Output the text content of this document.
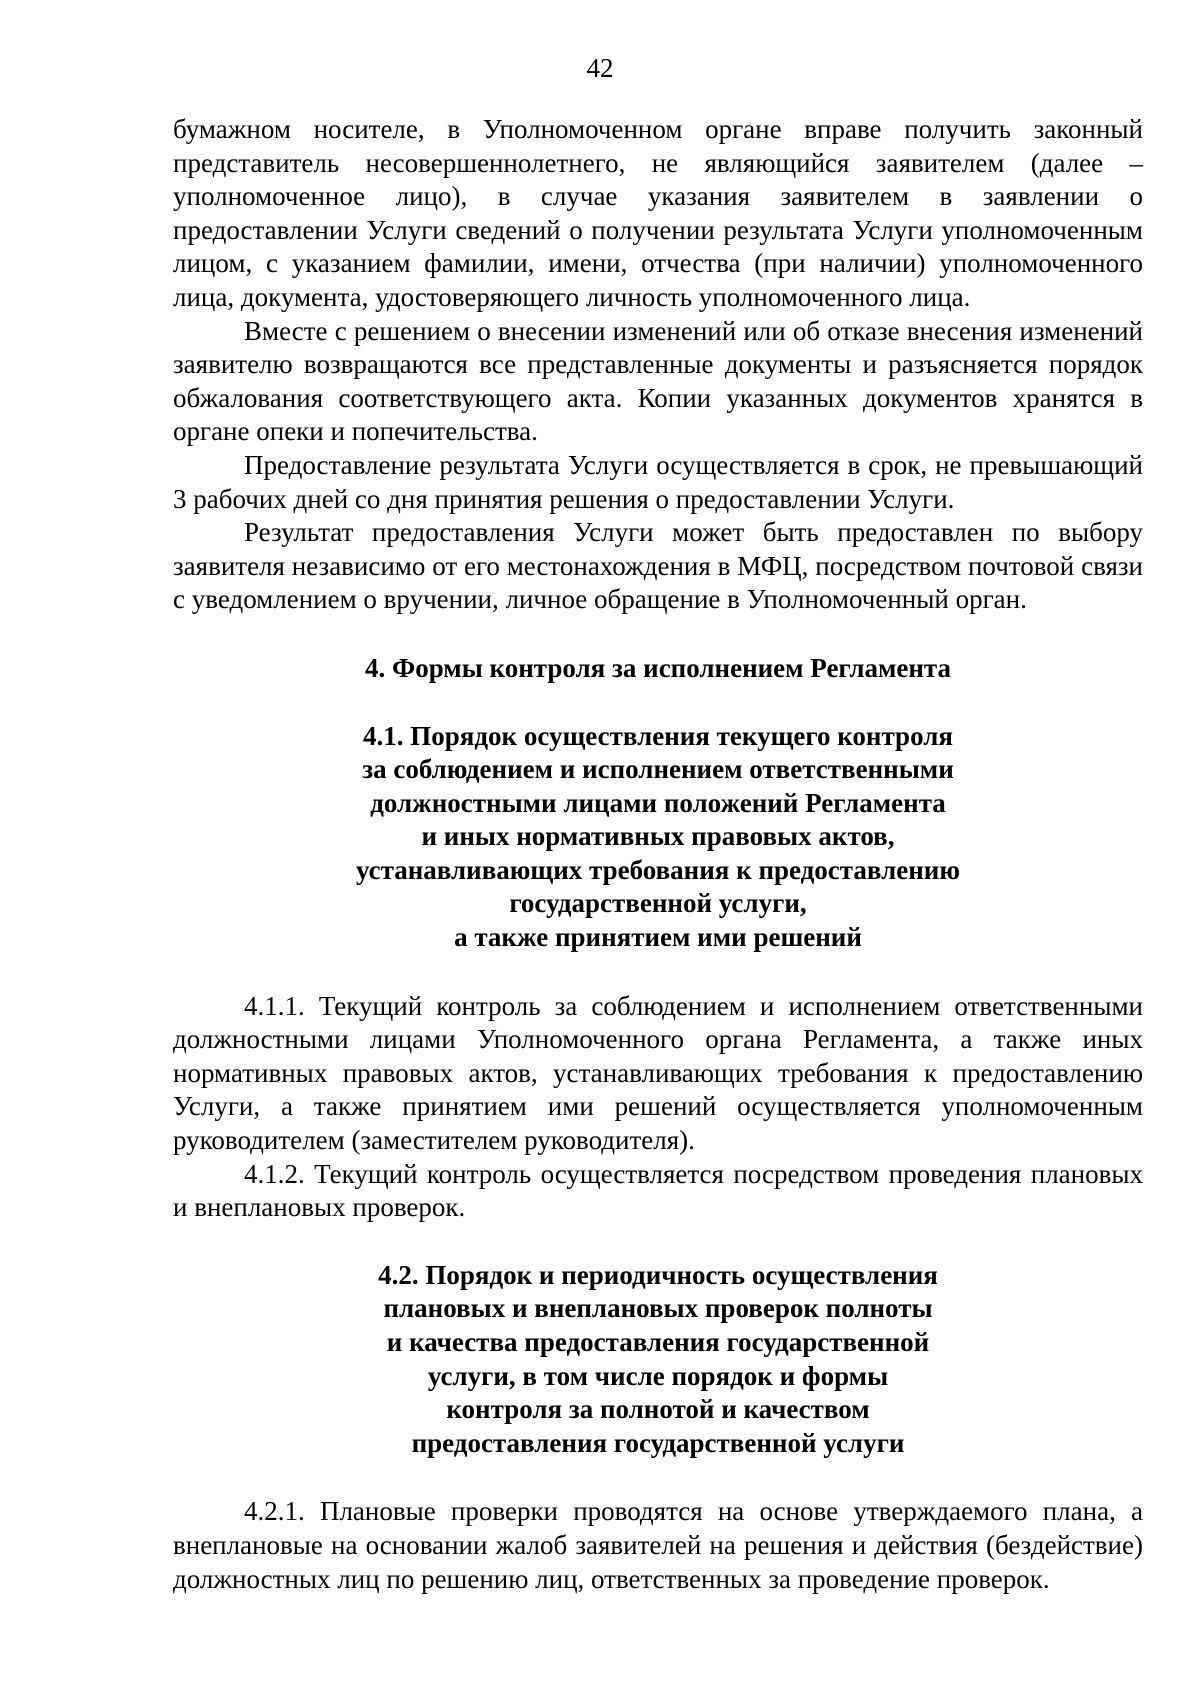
42

бумажном носителе, в Уполномоченном органе вправе получить законный представитель несовершеннолетнего, не являющийся заявителем (далее – уполномоченное лицо), в случае указания заявителем в заявлении о предоставлении Услуги сведений о получении результата Услуги уполномоченным лицом, с указанием фамилии, имени, отчества (при наличии) уполномоченного лица, документа, удостоверяющего личность уполномоченного лица.

Вместе с решением о внесении изменений или об отказе внесения изменений заявителю возвращаются все представленные документы и разъясняется порядок обжалования соответствующего акта. Копии указанных документов хранятся в органе опеки и попечительства.

Предоставление результата Услуги осуществляется в срок, не превышающий 3 рабочих дней со дня принятия решения о предоставлении Услуги.

Результат предоставления Услуги может быть предоставлен по выбору заявителя независимо от его местонахождения в МФЦ, посредством почтовой связи с уведомлением о вручении, личное обращение в Уполномоченный орган.

4. Формы контроля за исполнением Регламента
4.1. Порядок осуществления текущего контроля
за соблюдением и исполнением ответственными
должностными лицами положений Регламента
и иных нормативных правовых актов,
устанавливающих требования к предоставлению
государственной услуги,
а также принятием ими решений

4.1.1. Текущий контроль за соблюдением и исполнением ответственными должностными лицами Уполномоченного органа Регламента, а также иных нормативных правовых актов, устанавливающих требования к предоставлению Услуги, а также принятием ими решений осуществляется уполномоченным руководителем (заместителем руководителя).

4.1.2. Текущий контроль осуществляется посредством проведения плановых и внеплановых проверок.

4.2. Порядок и периодичность осуществления
плановых и внеплановых проверок полноты
и качества предоставления государственной
услуги, в том числе порядок и формы
контроля за полнотой и качеством
предоставления государственной услуги

4.2.1. Плановые проверки проводятся на основе утверждаемого плана, а внеплановые на основании жалоб заявителей на решения и действия (бездействие) должностных лиц по решению лиц, ответственных за проведение проверок.
